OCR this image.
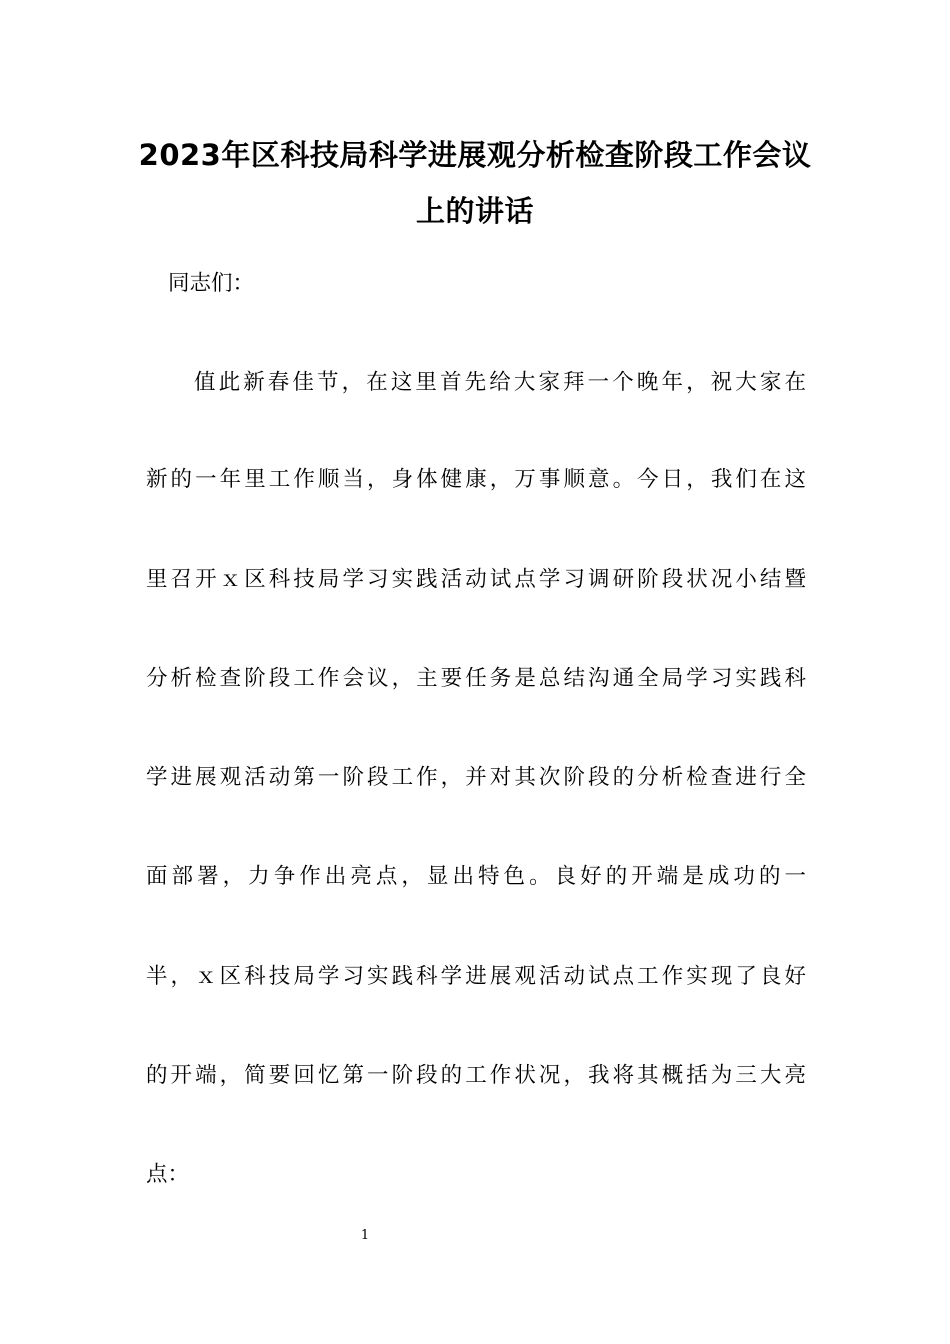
2023年区科技局科学进展观分析检查阶段工作会议
上的讲话
同志们：
值此新春佳节，在这里首先给大家拜一个晚年，祝大家在
新的一年里工作顺当，身体健康，万事顺意。今日，我们在这
里召开ｘ区科技局学习实践活动试点学习调研阶段状况小结暨
分析检查阶段工作会议，主要任务是总结沟通全局学习实践科
学进展观活动第一阶段工作，并对其次阶段的分析检查进行全
面部署，力争作出亮点，显出特色。良好的开端是成功的一
半，ｘ区科技局学习实践科学进展观活动试点工作实现了良好
的开端，简要回忆第一阶段的工作状况，我将其概括为三大亮
点：
1
